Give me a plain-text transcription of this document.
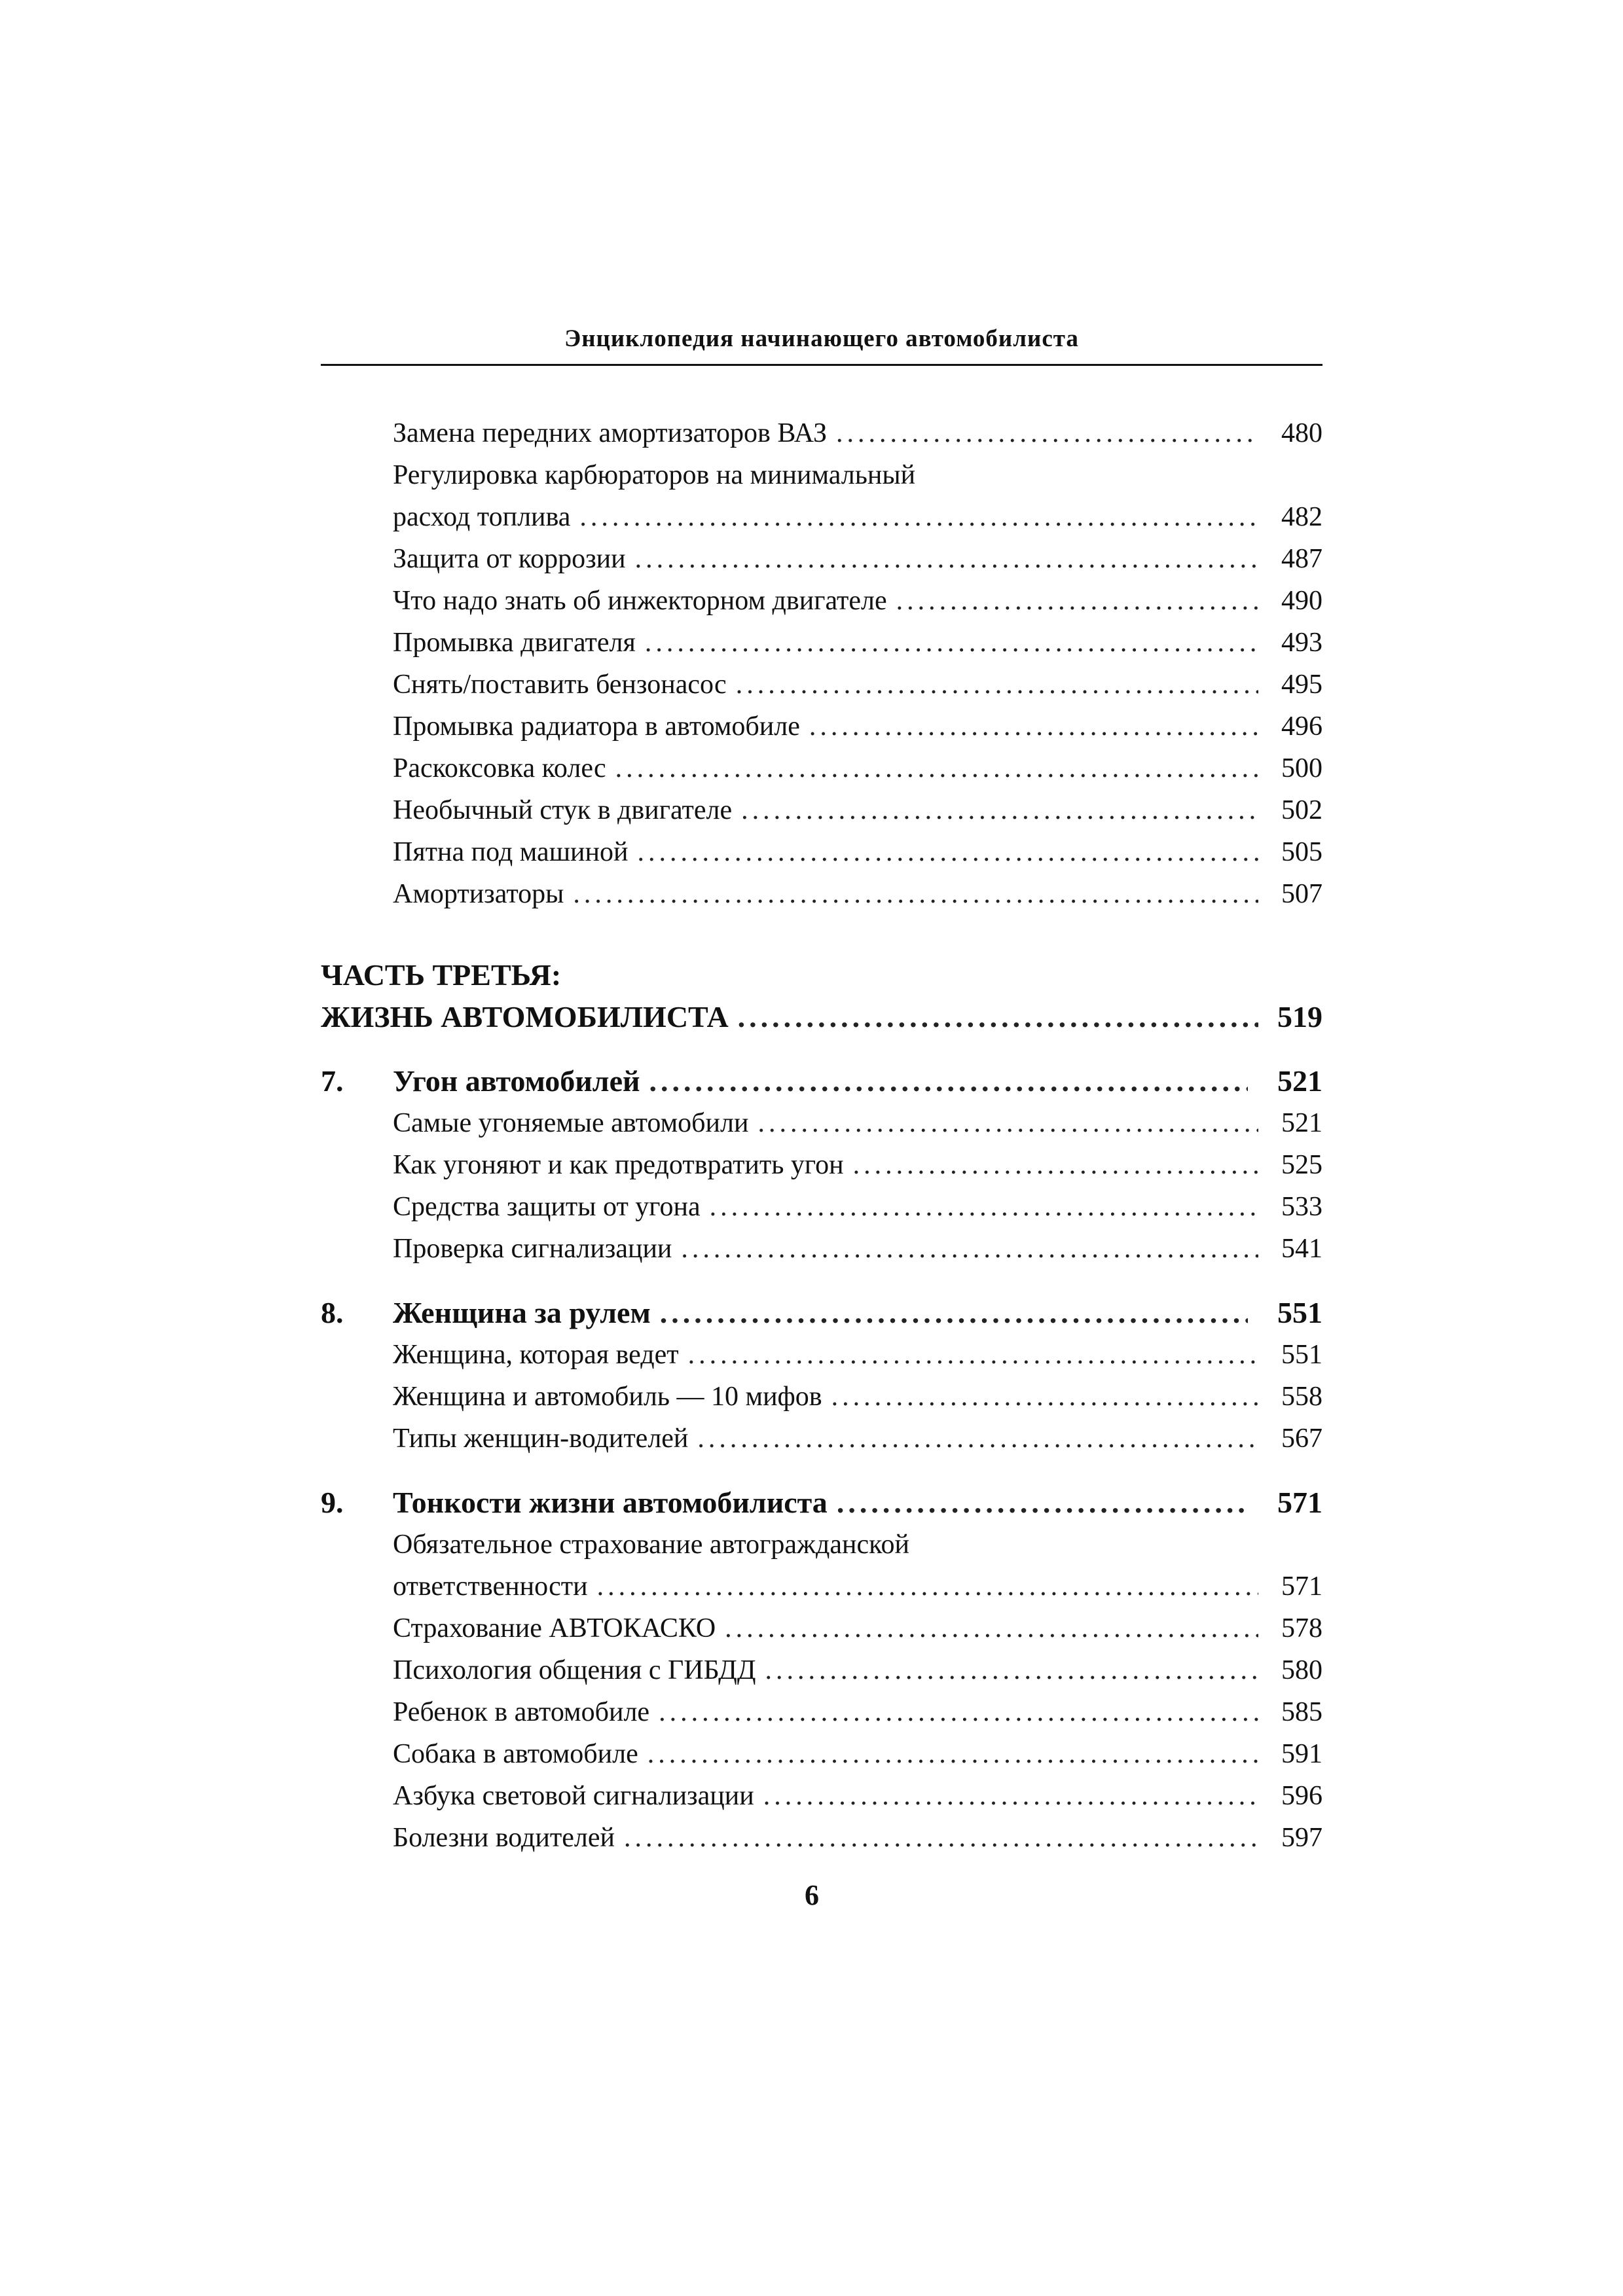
Энциклопедия начинающего автомобилиста
Замена передних амортизаторов ВАЗ .....	480
Регулировка карбюраторов на минимальный
расход топлива .....	482
Защита от коррозии .....	487
Что надо знать об инжекторном двигателе .....	490
Промывка двигателя .....	493
Снять/поставить бензонасос .....	495
Промывка радиатора в автомобиле .....	496
Раскоксовка колес .....	500
Необычный стук в двигателе .....	502
Пятна под машиной .....	505
Амортизаторы .....	507
ЧАСТЬ ТРЕТЬЯ:
ЖИЗНЬ АВТОМОБИЛИСТА .....	519
7.	Угон автомобилей .....	521
Самые угоняемые автомобили .....	521
Как угоняют и как предотвратить угон .....	525
Средства защиты от угона .....	533
Проверка сигнализации .....	541
8.	Женщина за рулем .....	551
Женщина, которая ведет .....	551
Женщина и автомобиль — 10 мифов .....	558
Типы женщин-водителей .....	567
9.	Тонкости жизни автомобилиста .....	571
Обязательное страхование автогражданской
ответственности .....	571
Страхование АВТОКАСКО .....	578
Психология общения с ГИБДД .....	580
Ребенок в автомобиле .....	585
Собака в автомобиле .....	591
Азбука световой сигнализации .....	596
Болезни водителей .....	597
6
